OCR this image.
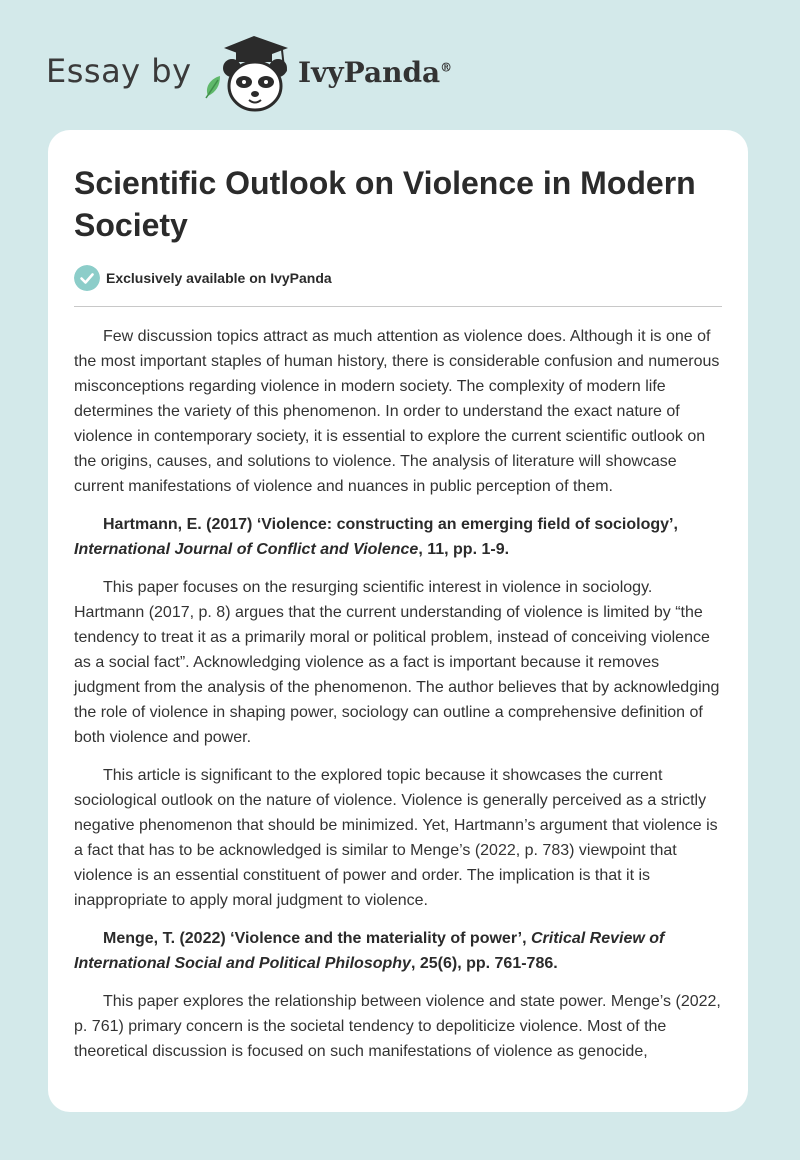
Essay by	IvyPanda®
Scientific Outlook on Violence in Modern Society
Exclusively available on IvyPanda

Few discussion topics attract as much attention as violence does. Although it is one of the most important staples of human history, there is considerable confusion and numerous misconceptions regarding violence in modern society. The complexity of modern life determines the variety of this phenomenon. In order to understand the exact nature of violence in contemporary society, it is essential to explore the current scientific outlook on the origins, causes, and solutions to violence. The analysis of literature will showcase current manifestations of violence and nuances in public perception of them.

Hartmann, E. (2017) ‘Violence: constructing an emerging field of sociology’, International Journal of Conflict and Violence, 11, pp. 1-9.

This paper focuses on the resurging scientific interest in violence in sociology. Hartmann (2017, p. 8) argues that the current understanding of violence is limited by “the tendency to treat it as a primarily moral or political problem, instead of conceiving violence as a social fact”. Acknowledging violence as a fact is important because it removes judgment from the analysis of the phenomenon. The author believes that by acknowledging the role of violence in shaping power, sociology can outline a comprehensive definition of both violence and power.

This article is significant to the explored topic because it showcases the current sociological outlook on the nature of violence. Violence is generally perceived as a strictly negative phenomenon that should be minimized. Yet, Hartmann’s argument that violence is a fact that has to be acknowledged is similar to Menge’s (2022, p. 783) viewpoint that violence is an essential constituent of power and order. The implication is that it is inappropriate to apply moral judgment to violence.

Menge, T. (2022) ‘Violence and the materiality of power’, Critical Review of International Social and Political Philosophy, 25(6), pp. 761-786.

This paper explores the relationship between violence and state power. Menge’s (2022, p. 761) primary concern is the societal tendency to depoliticize violence. Most of the theoretical discussion is focused on such manifestations of violence as genocide,
